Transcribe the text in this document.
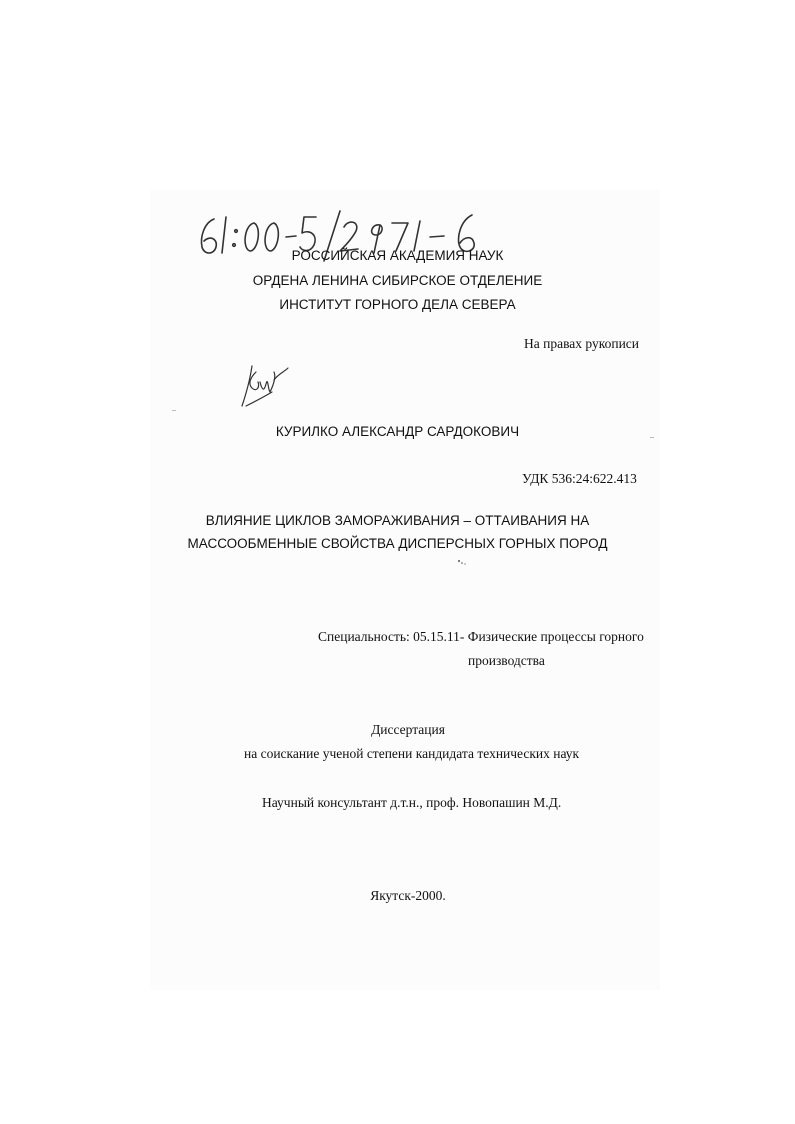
РОССИЙСКАЯ АКАДЕМИЯ НАУК
ОРДЕНА ЛЕНИНА СИБИРСКОЕ ОТДЕЛЕНИЕ
ИНСТИТУТ ГОРНОГО ДЕЛА СЕВЕРА
На правах рукописи
КУРИЛКО АЛЕКСАНДР САРДОКОВИЧ
УДК 536:24:622.413
ВЛИЯНИЕ ЦИКЛОВ ЗАМОРАЖИВАНИЯ – ОТТАИВАНИЯ НА
МАССООБМЕННЫЕ СВОЙСТВА ДИСПЕРСНЫХ ГОРНЫХ ПОРОД
Специальность: 05.15.11- Физические процессы горного
производства
Диссертация
на соискание ученой степени кандидата технических наук
Научный консультант д.т.н., проф. Новопашин М.Д.
Якутск-2000.
